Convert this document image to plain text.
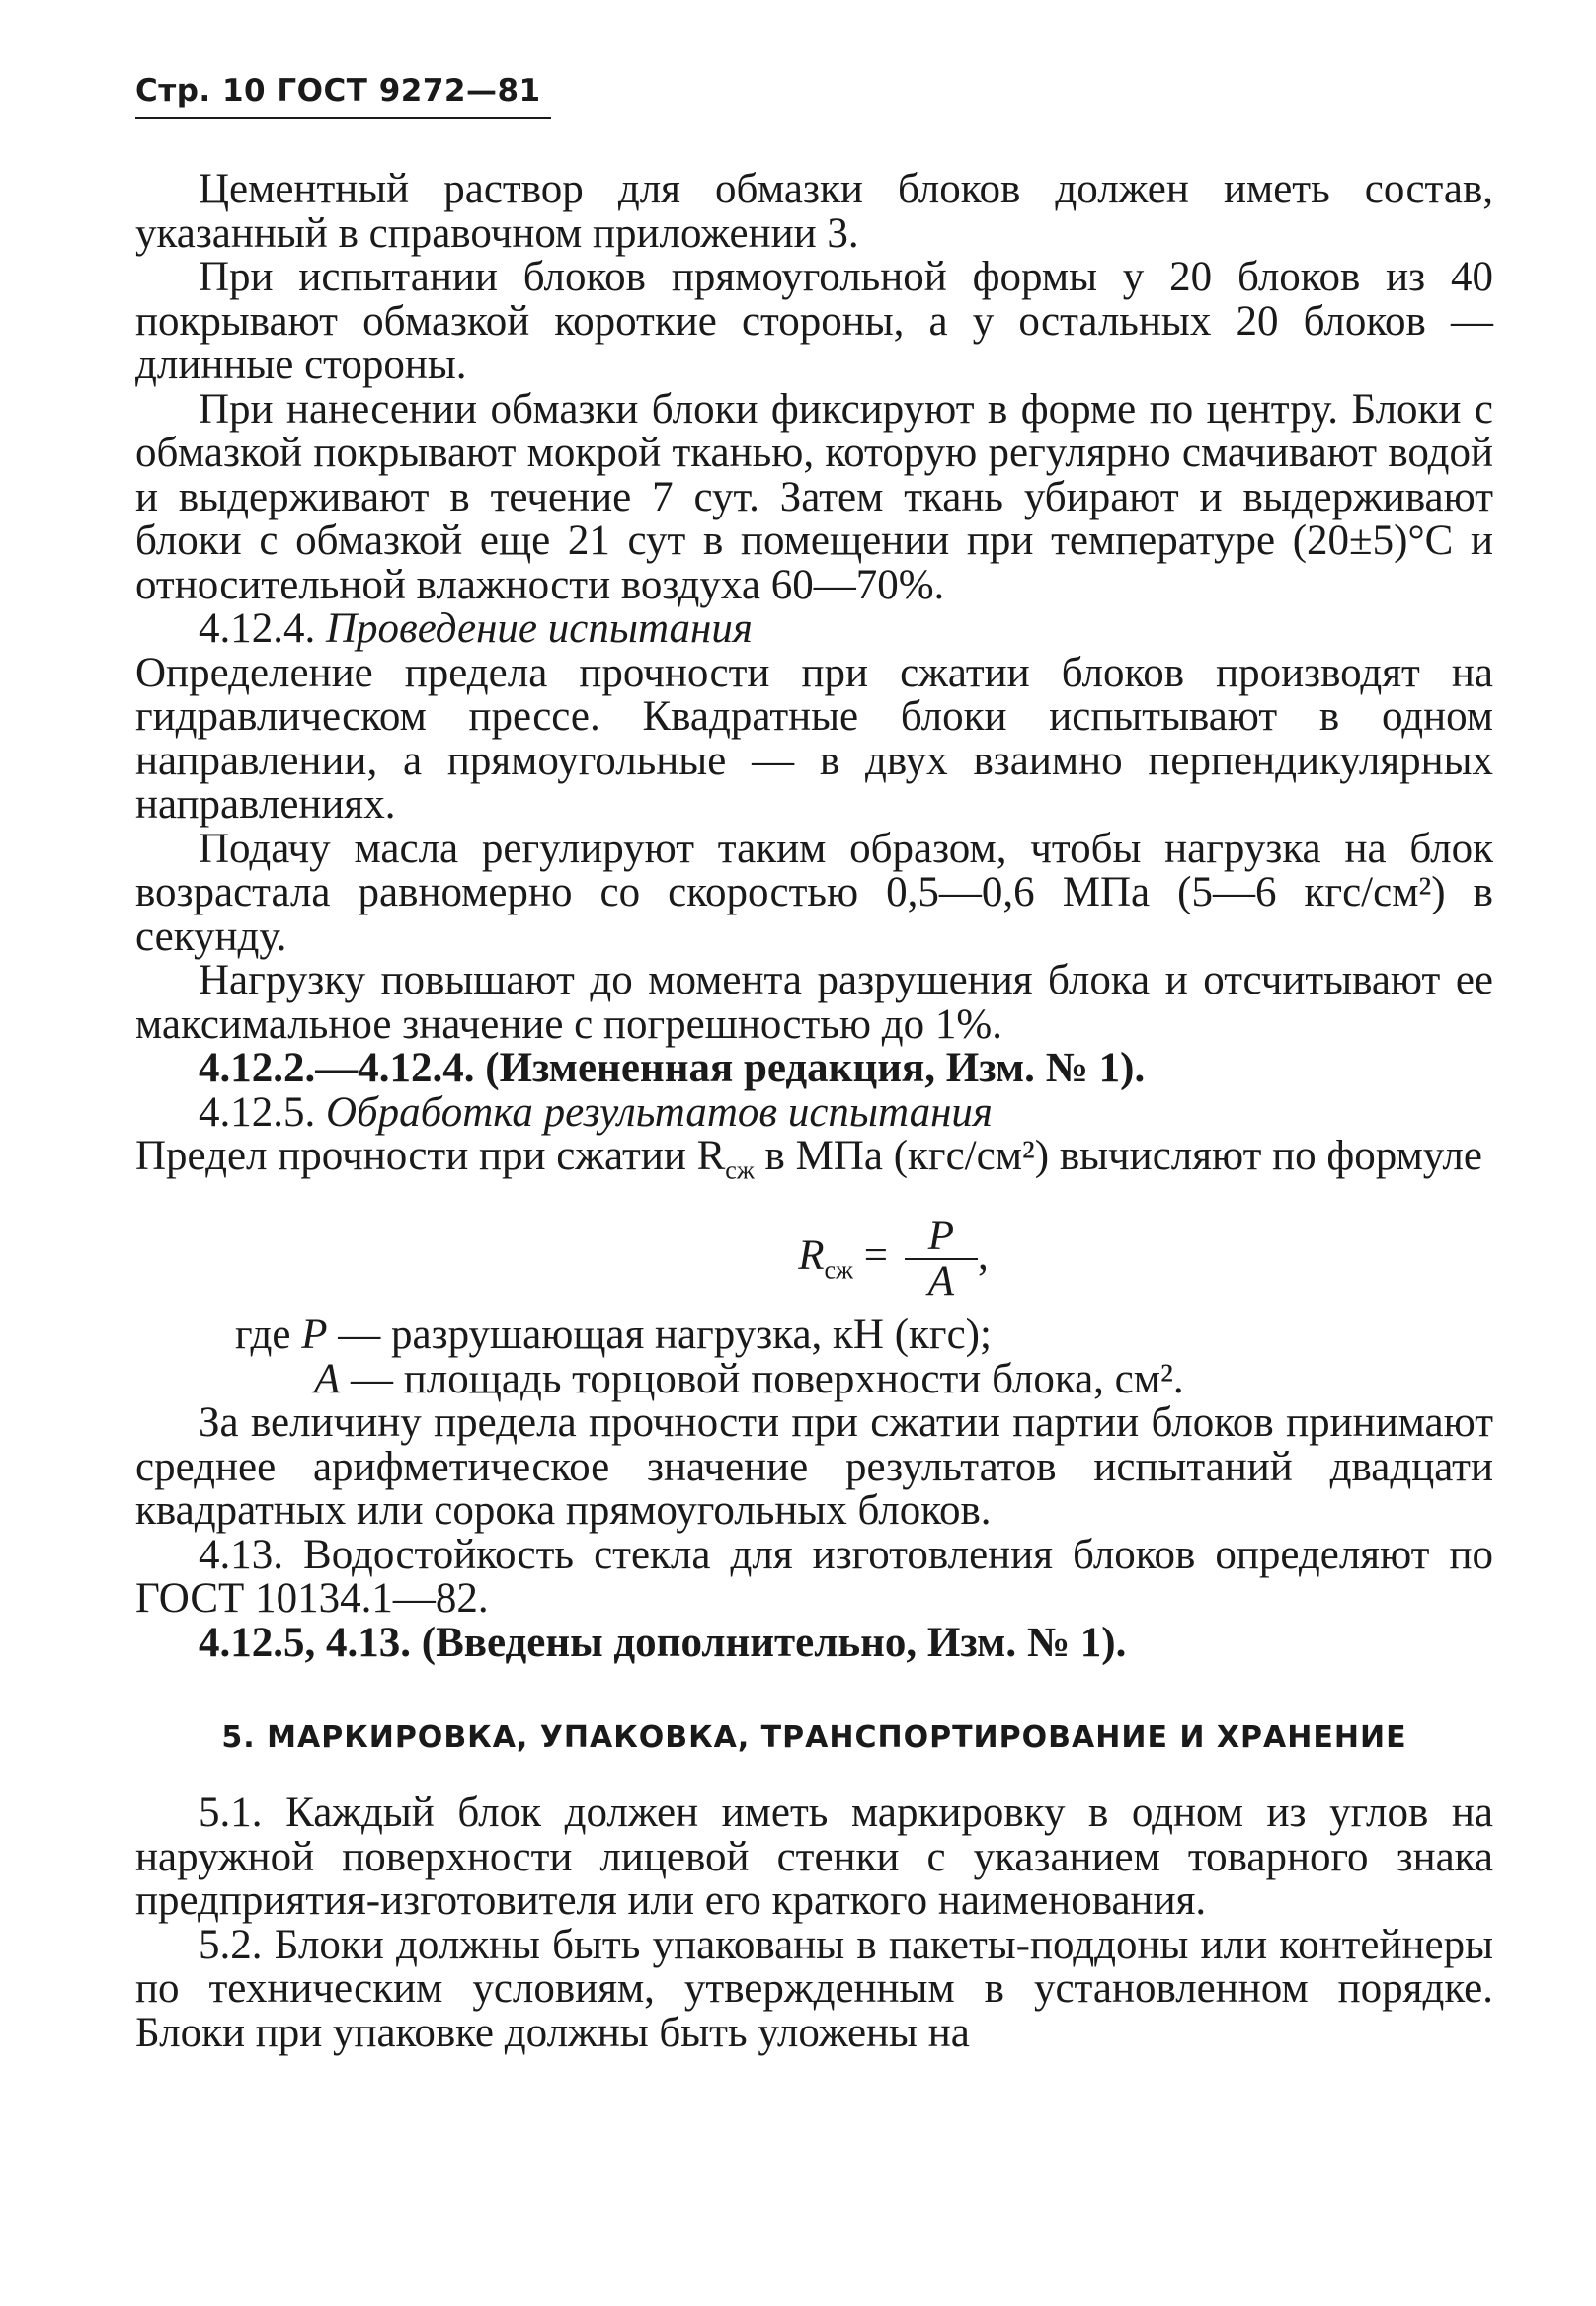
Стр. 10 ГОСТ 9272—81

Цементный раствор для обмазки блоков должен иметь состав, указанный в справочном приложении 3.

При испытании блоков прямоугольной формы у 20 блоков из 40 покрывают обмазкой короткие стороны, а у остальных 20 блоков — длинные стороны.

При нанесении обмазки блоки фиксируют в форме по центру. Блоки с обмазкой покрывают мокрой тканью, которую регулярно смачивают водой и выдерживают в течение 7 сут. Затем ткань убирают и выдерживают блоки с обмазкой еще 21 сут в помещении при температуре (20±5)°С и относительной влажности воздуха 60—70%.

4.12.4. Проведение испытания

Определение предела прочности при сжатии блоков производят на гидравлическом прессе. Квадратные блоки испытывают в одном направлении, а прямоугольные — в двух взаимно перпендикулярных направлениях.

Подачу масла регулируют таким образом, чтобы нагрузка на блок возрастала равномерно со скоростью 0,5—0,6 МПа (5—6 кгс/см²) в секунду.

Нагрузку повышают до момента разрушения блока и отсчитывают ее максимальное значение с погрешностью до 1%.

4.12.2.—4.12.4. (Измененная редакция, Изм. № 1).

4.12.5. Обработка результатов испытания

Предел прочности при сжатии $R_{сж}$ в МПа (кгс/см²) вычисляют по формуле

$R_{сж} = \frac{P}{A}$ ,

где P — разрушающая нагрузка, кН (кгс);

A — площадь торцовой поверхности блока, см².

За величину предела прочности при сжатии партии блоков принимают среднее арифметическое значение результатов испытаний двадцати квадратных или сорока прямоугольных блоков.

4.13. Водостойкость стекла для изготовления блоков определяют по ГОСТ 10134.1—82.

4.12.5, 4.13. (Введены дополнительно, Изм. № 1).

5. МАРКИРОВКА, УПАКОВКА, ТРАНСПОРТИРОВАНИЕ И ХРАНЕНИЕ

5.1. Каждый блок должен иметь маркировку в одном из углов на наружной поверхности лицевой стенки с указанием товарного знака предприятия-изготовителя или его краткого наименования.

5.2. Блоки должны быть упакованы в пакеты-поддоны или контейнеры по техническим условиям, утвержденным в установленном порядке. Блоки при упаковке должны быть уложены на
